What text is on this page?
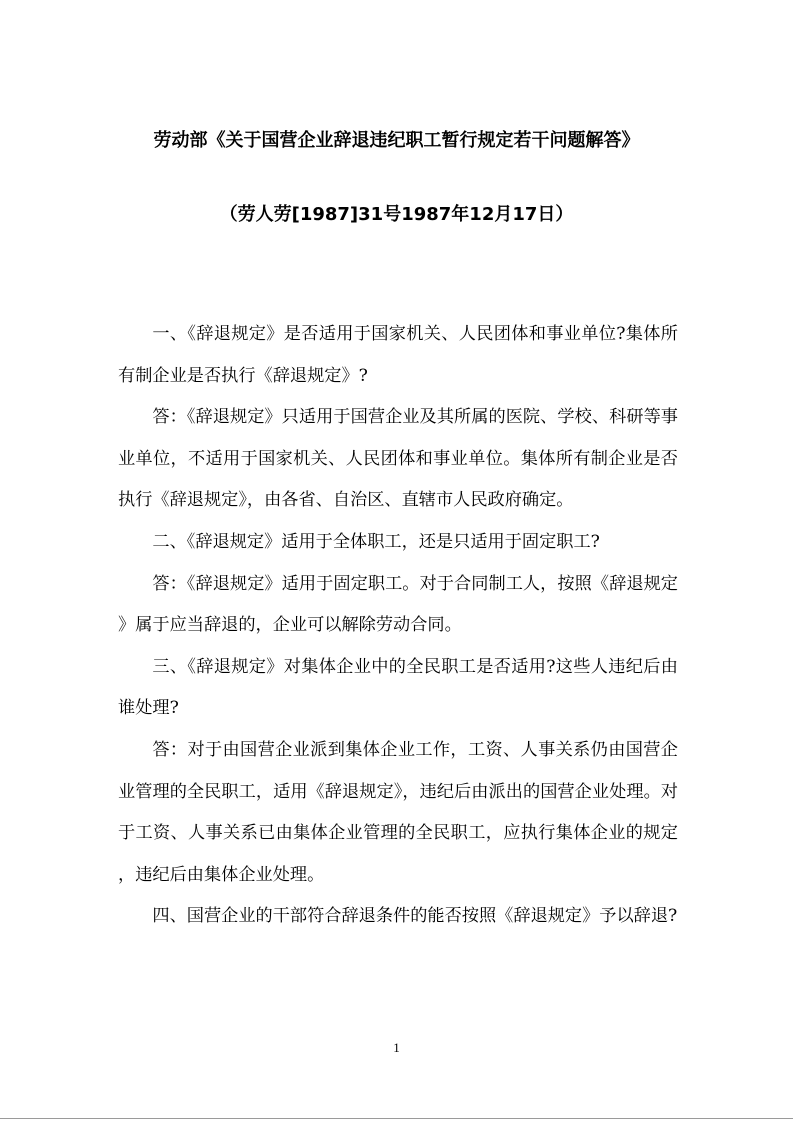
劳动部《关于国营企业辞退违纪职工暂行规定若干问题解答》
（劳人劳[1987]31号1987年12月17日）

一、《辞退规定》是否适用于国家机关、人民团体和事业单位?集体所有制企业是否执行《辞退规定》?

答：《辞退规定》只适用于国营企业及其所属的医院、学校、科研等事业单位，不适用于国家机关、人民团体和事业单位。集体所有制企业是否执行《辞退规定》，由各省、自治区、直辖市人民政府确定。

二、《辞退规定》适用于全体职工，还是只适用于固定职工?

答：《辞退规定》适用于固定职工。对于合同制工人，按照《辞退规定》属于应当辞退的，企业可以解除劳动合同。

三、《辞退规定》对集体企业中的全民职工是否适用?这些人违纪后由谁处理?

答：对于由国营企业派到集体企业工作，工资、人事关系仍由国营企业管理的全民职工，适用《辞退规定》，违纪后由派出的国营企业处理。对于工资、人事关系已由集体企业管理的全民职工，应执行集体企业的规定，违纪后由集体企业处理。

四、国营企业的干部符合辞退条件的能否按照《辞退规定》予以辞退?

1
